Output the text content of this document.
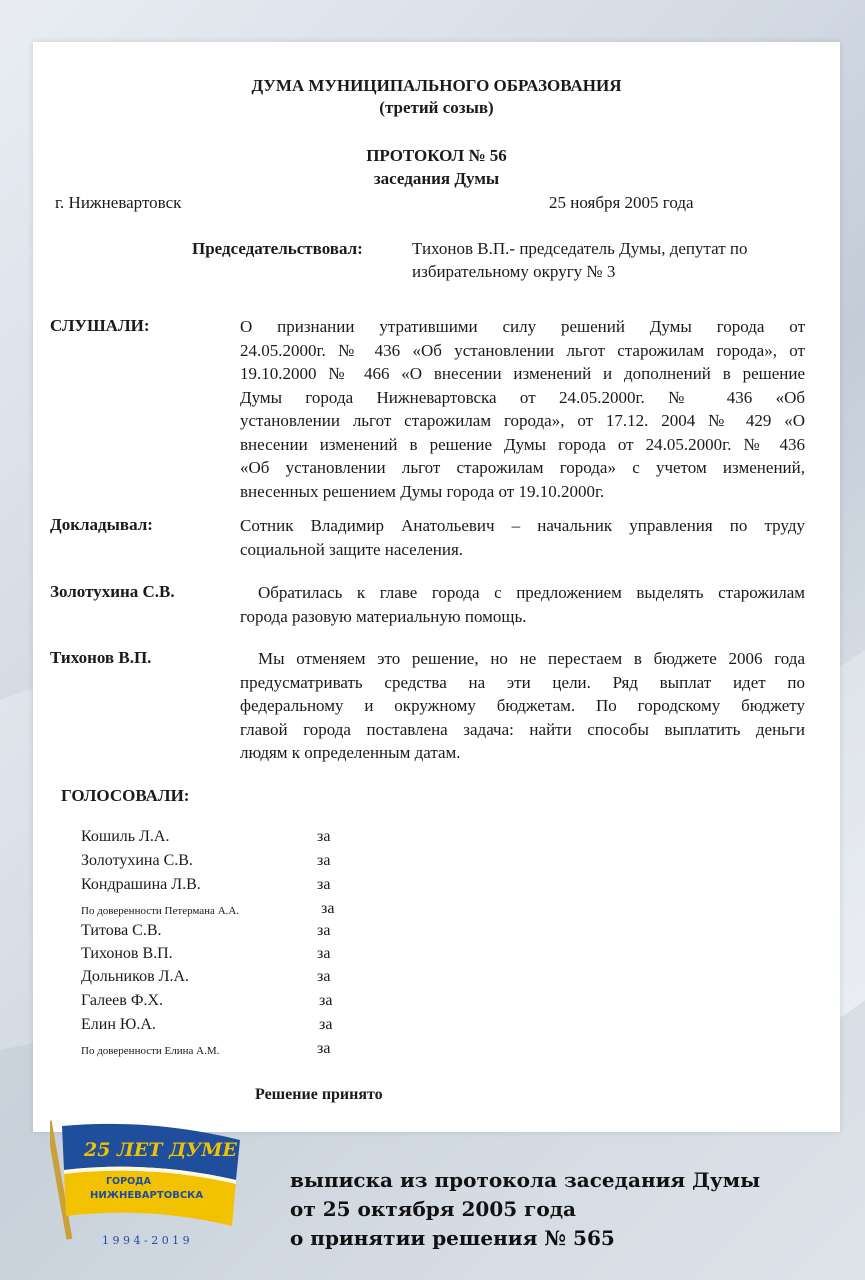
ДУМА МУНИЦИПАЛЬНОГО ОБРАЗОВАНИЯ
(третий созыв)
ПРОТОКОЛ № 56
заседания Думы
г. Нижневартовск	25 ноября 2005 года
Председательствовал:	Тихонов В.П.- председатель Думы, депутат по
избирательному округу № 3
СЛУШАЛИ:	О признании утратившими силу решений Думы города от
24.05.2000г. № 436 «Об установлении льгот старожилам города», от
19.10.2000 № 466 «О внесении изменений и дополнений в решение
Думы города Нижневартовска от 24.05.2000г. № 436 «Об
установлении льгот старожилам города», от 17.12. 2004 № 429 «О
внесении изменений в решение Думы города от 24.05.2000г. № 436
«Об установлении льгот старожилам города» с учетом изменений,
внесенных решением Думы города от 19.10.2000г.
Докладывал:	Сотник Владимир Анатольевич – начальник управления по труду
социальной защите населения.
Золотухина С.В.	Обратилась к главе города с предложением выделять старожилам
города разовую материальную помощь.
Тихонов В.П.	Мы отменяем это решение, но не перестаем в бюджете 2006 года
предусматривать средства на эти цели. Ряд выплат идет по
федеральному и окружному бюджетам. По городскому бюджету
главой города поставлена задача: найти способы выплатить деньги
людям к определенным датам.
ГОЛОСОВАЛИ:
Кошиль Л.А.	за
Золотухина С.В.	за
Кондрашина Л.В.	за
По доверенности Петермана А.А.	за
Титова С.В.	за
Тихонов В.П.	за
Дольников Л.А.	за
Галеев Ф.Х.	за
Елин Ю.А.	за
По доверенности Елина А.М.	за
Решение принято
25 ЛЕТ ДУМЕ
ГОРОДА
НИЖНЕВАРТОВСКА
1 9 9 4 - 2 0 1 9
выписка из протокола заседания Думы
от 25 октября 2005 года
о принятии решения № 565
